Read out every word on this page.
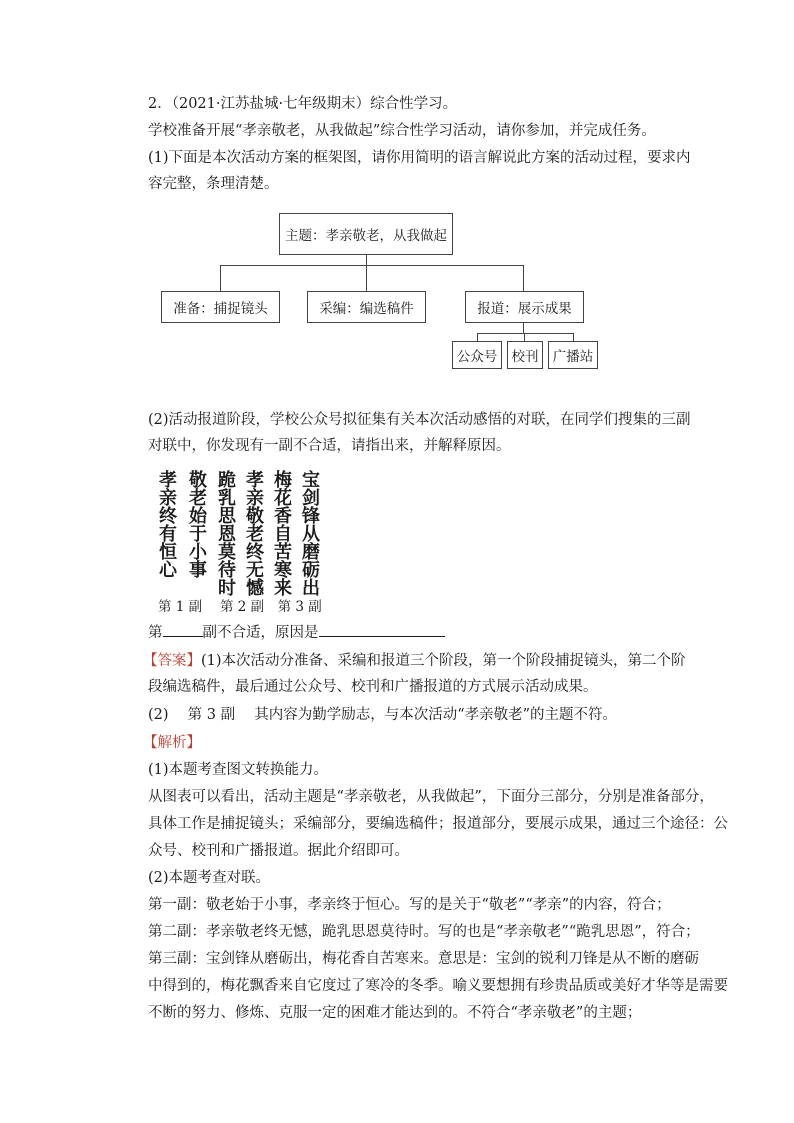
2．（2021·江苏盐城·七年级期末）综合性学习。
学校准备开展“孝亲敬老，从我做起”综合性学习活动，请你参加，并完成任务。
(1)下面是本次活动方案的框架图，请你用简明的语言解说此方案的活动过程，要求内
容完整，条理清楚。
主题：孝亲敬老，从我做起
准备：捕捉镜头	采编：编选稿件	报道：展示成果
公众号	校刊	广播站
(2)活动报道阶段，学校公众号拟征集有关本次活动感悟的对联，在同学们搜集的三副
对联中，你发现有一副不合适，请指出来，并解释原因。
孝亲终有恒心 敬老始于小事 跪乳思恩莫待时 孝亲敬老终无憾 梅花香自苦寒来 宝剑锋从磨砺出
第 1 副　 第 2 副　第 3 副
第	副不合适，原因是
【答案】(1)本次活动分准备、采编和报道三个阶段，第一个阶段捕捉镜头，第二个阶
段编选稿件，最后通过公众号、校刊和广播报道的方式展示活动成果。
(2)　 第 3 副　 其内容为勤学励志，与本次活动“孝亲敬老”的主题不符。
【解析】
(1)本题考查图文转换能力。
从图表可以看出，活动主题是“孝亲敬老，从我做起”，下面分三部分，分别是准备部分，
具体工作是捕捉镜头；采编部分，要编选稿件；报道部分，要展示成果，通过三个途径：公
众号、校刊和广播报道。据此介绍即可。
(2)本题考查对联。
第一副：敬老始于小事，孝亲终于恒心。写的是关于“敬老”“孝亲”的内容，符合；
第二副：孝亲敬老终无憾，跪乳思恩莫待时。写的也是“孝亲敬老”“跪乳思恩”，符合；
第三副：宝剑锋从磨砺出，梅花香自苦寒来。意思是：宝剑的锐利刀锋是从不断的磨砺
中得到的，梅花飘香来自它度过了寒冷的冬季。喻义要想拥有珍贵品质或美好才华等是需要
不断的努力、修炼、克服一定的困难才能达到的。不符合“孝亲敬老”的主题；
